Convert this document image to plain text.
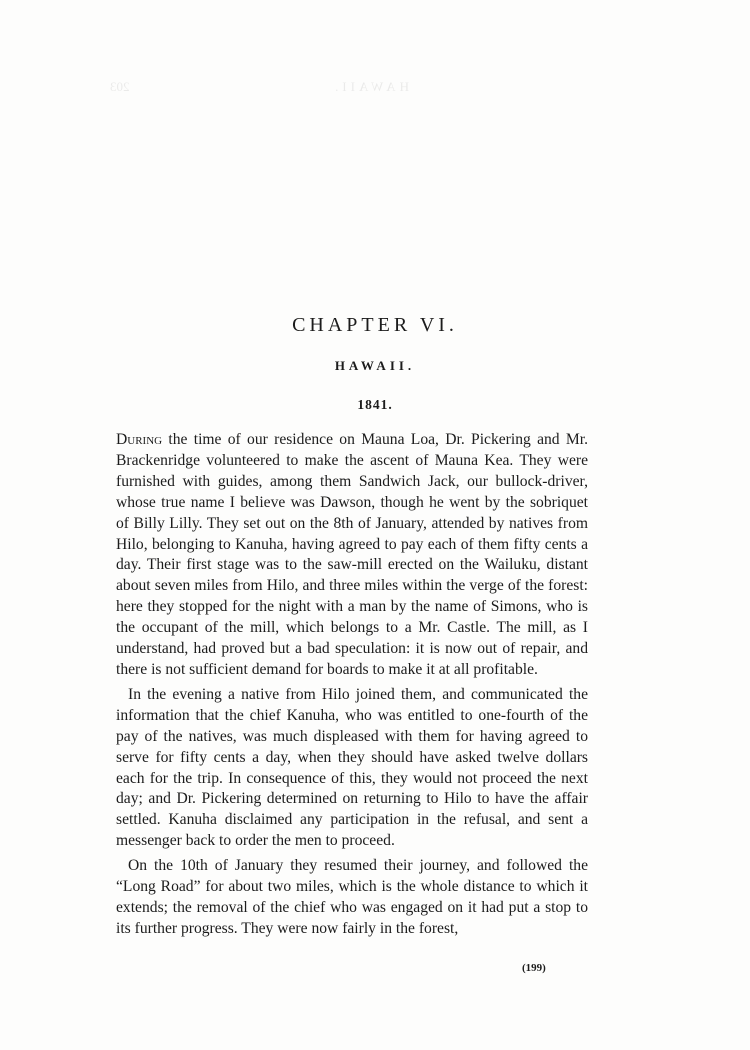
HAWAII.
203

CHAPTER VI.
HAWAII.
1841.

During the time of our residence on Mauna Loa, Dr. Pickering and Mr. Brackenridge volunteered to make the ascent of Mauna Kea. They were furnished with guides, among them Sandwich Jack, our bullock-driver, whose true name I believe was Dawson, though he went by the sobriquet of Billy Lilly. They set out on the 8th of January, attended by natives from Hilo, belonging to Kanuha, having agreed to pay each of them fifty cents a day. Their first stage was to the saw-mill erected on the Wailuku, distant about seven miles from Hilo, and three miles within the verge of the forest: here they stopped for the night with a man by the name of Simons, who is the occupant of the mill, which belongs to a Mr. Castle. The mill, as I understand, had proved but a bad speculation: it is now out of repair, and there is not sufficient demand for boards to make it at all profitable.

In the evening a native from Hilo joined them, and communicated the information that the chief Kanuha, who was entitled to one-fourth of the pay of the natives, was much displeased with them for having agreed to serve for fifty cents a day, when they should have asked twelve dollars each for the trip. In consequence of this, they would not proceed the next day; and Dr. Pickering determined on returning to Hilo to have the affair settled. Kanuha disclaimed any participation in the refusal, and sent a messenger back to order the men to proceed.

On the 10th of January they resumed their journey, and followed the “Long Road” for about two miles, which is the whole distance to which it extends; the removal of the chief who was engaged on it had put a stop to its further progress. They were now fairly in the forest,

(199)
